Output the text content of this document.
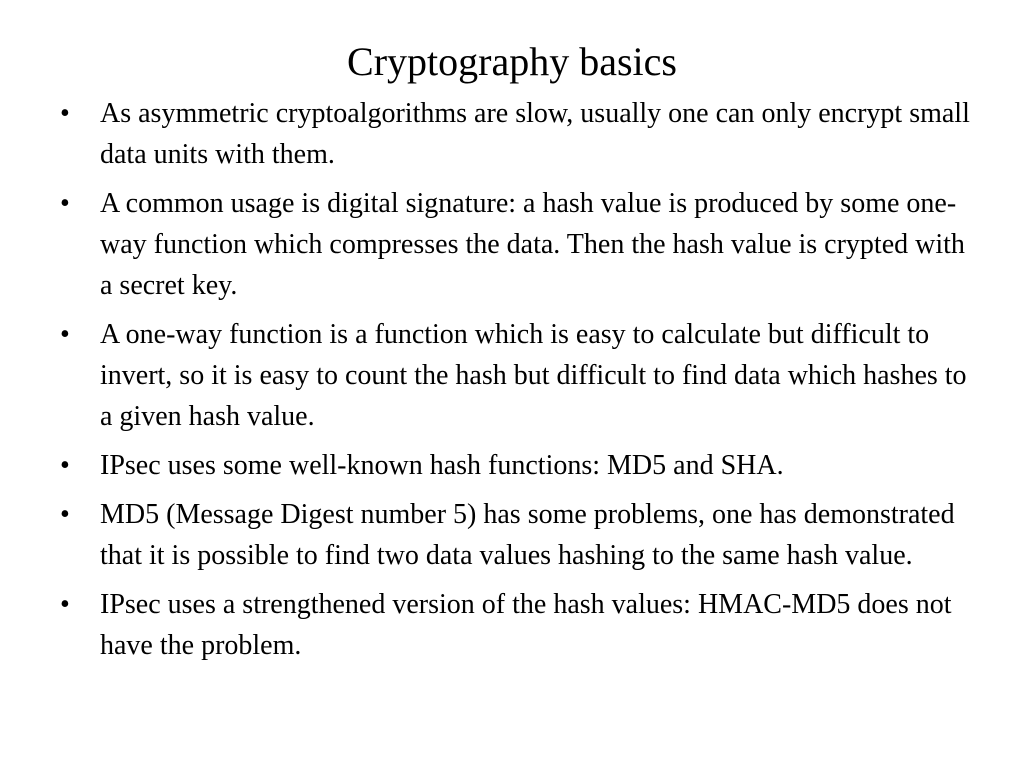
Cryptography basics
•	As asymmetric cryptoalgorithms are slow, usually one can only encrypt small data units with them.
•	A common usage is digital signature: a hash value is produced by some one-way function which compresses the data. Then the hash value is crypted with a secret key.
•	A one-way function is a function which is easy to calculate but difficult to invert, so it is easy to count the hash but difficult to find data which hashes to a given hash value.
•	IPsec uses some well-known hash functions: MD5 and SHA.
•	MD5 (Message Digest number 5) has some problems, one has demonstrated that it is possible to find two data values hashing to the same hash value.
•	IPsec uses a strengthened version of the hash values: HMAC-MD5 does not have the problem.
